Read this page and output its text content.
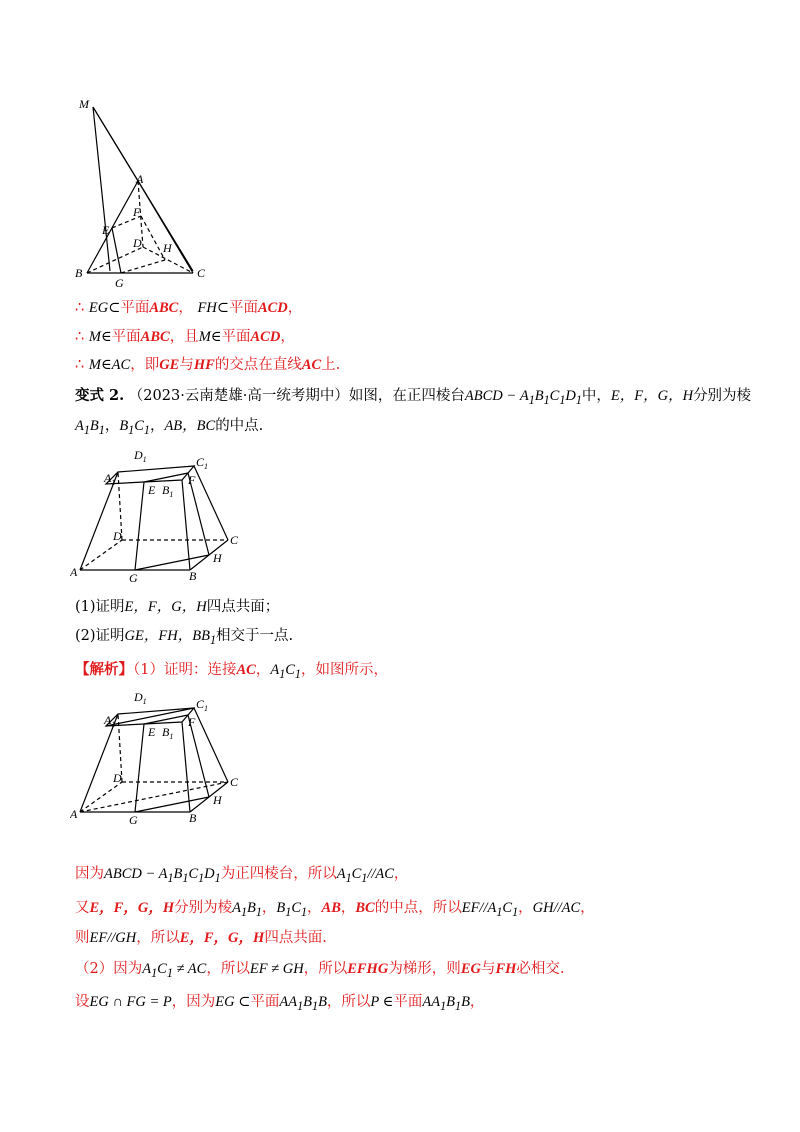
M
A
F
E
D H
B
G
C
∴ EG⊂平面ABC， FH⊂平面ACD，
∴ M∈平面ABC，且M∈平面ACD，
∴ M∈AC，即GE与HF的交点在直线AC上.
变式 2. （2023·云南楚雄·高一统考期中）如图，在正四棱台ABCD − $A_1B_1C_1D_1$中，E，F，G，H分别为棱
$A_1B_1$，$B_1C_1$，AB，BC的中点.
$D_1$	$C_1$
$A_1$
E $B_1$
F
D	C
H
A	G	B
(1)证明E，F，G，H四点共面；
(2)证明GE，FH，$BB_1$相交于一点.
【解析】（1）证明：连接AC，$A_1C_1$，如图所示，
$D_1$	$C_1$
$A_1$
E $B_1$
F
D	C
H
A	G	B
因为ABCD − $A_1B_1C_1D_1$为正四棱台，所以$A_1C_1//AC$，
又E，F，G，H分别为棱$A_1B_1$，$B_1C_1$，AB，BC的中点，所以$EF//A_1C_1$，GH//AC，
则EF//GH，所以E，F，G，H四点共面.
（2）因为$A_1C_1$ ≠ AC，所以EF ≠ GH，所以EFHG为梯形，则EG与FH必相交.
设EG ∩ FG = P，因为EG ⊂平面$AA_1B_1B$，所以P ∈平面$AA_1B_1B$，
